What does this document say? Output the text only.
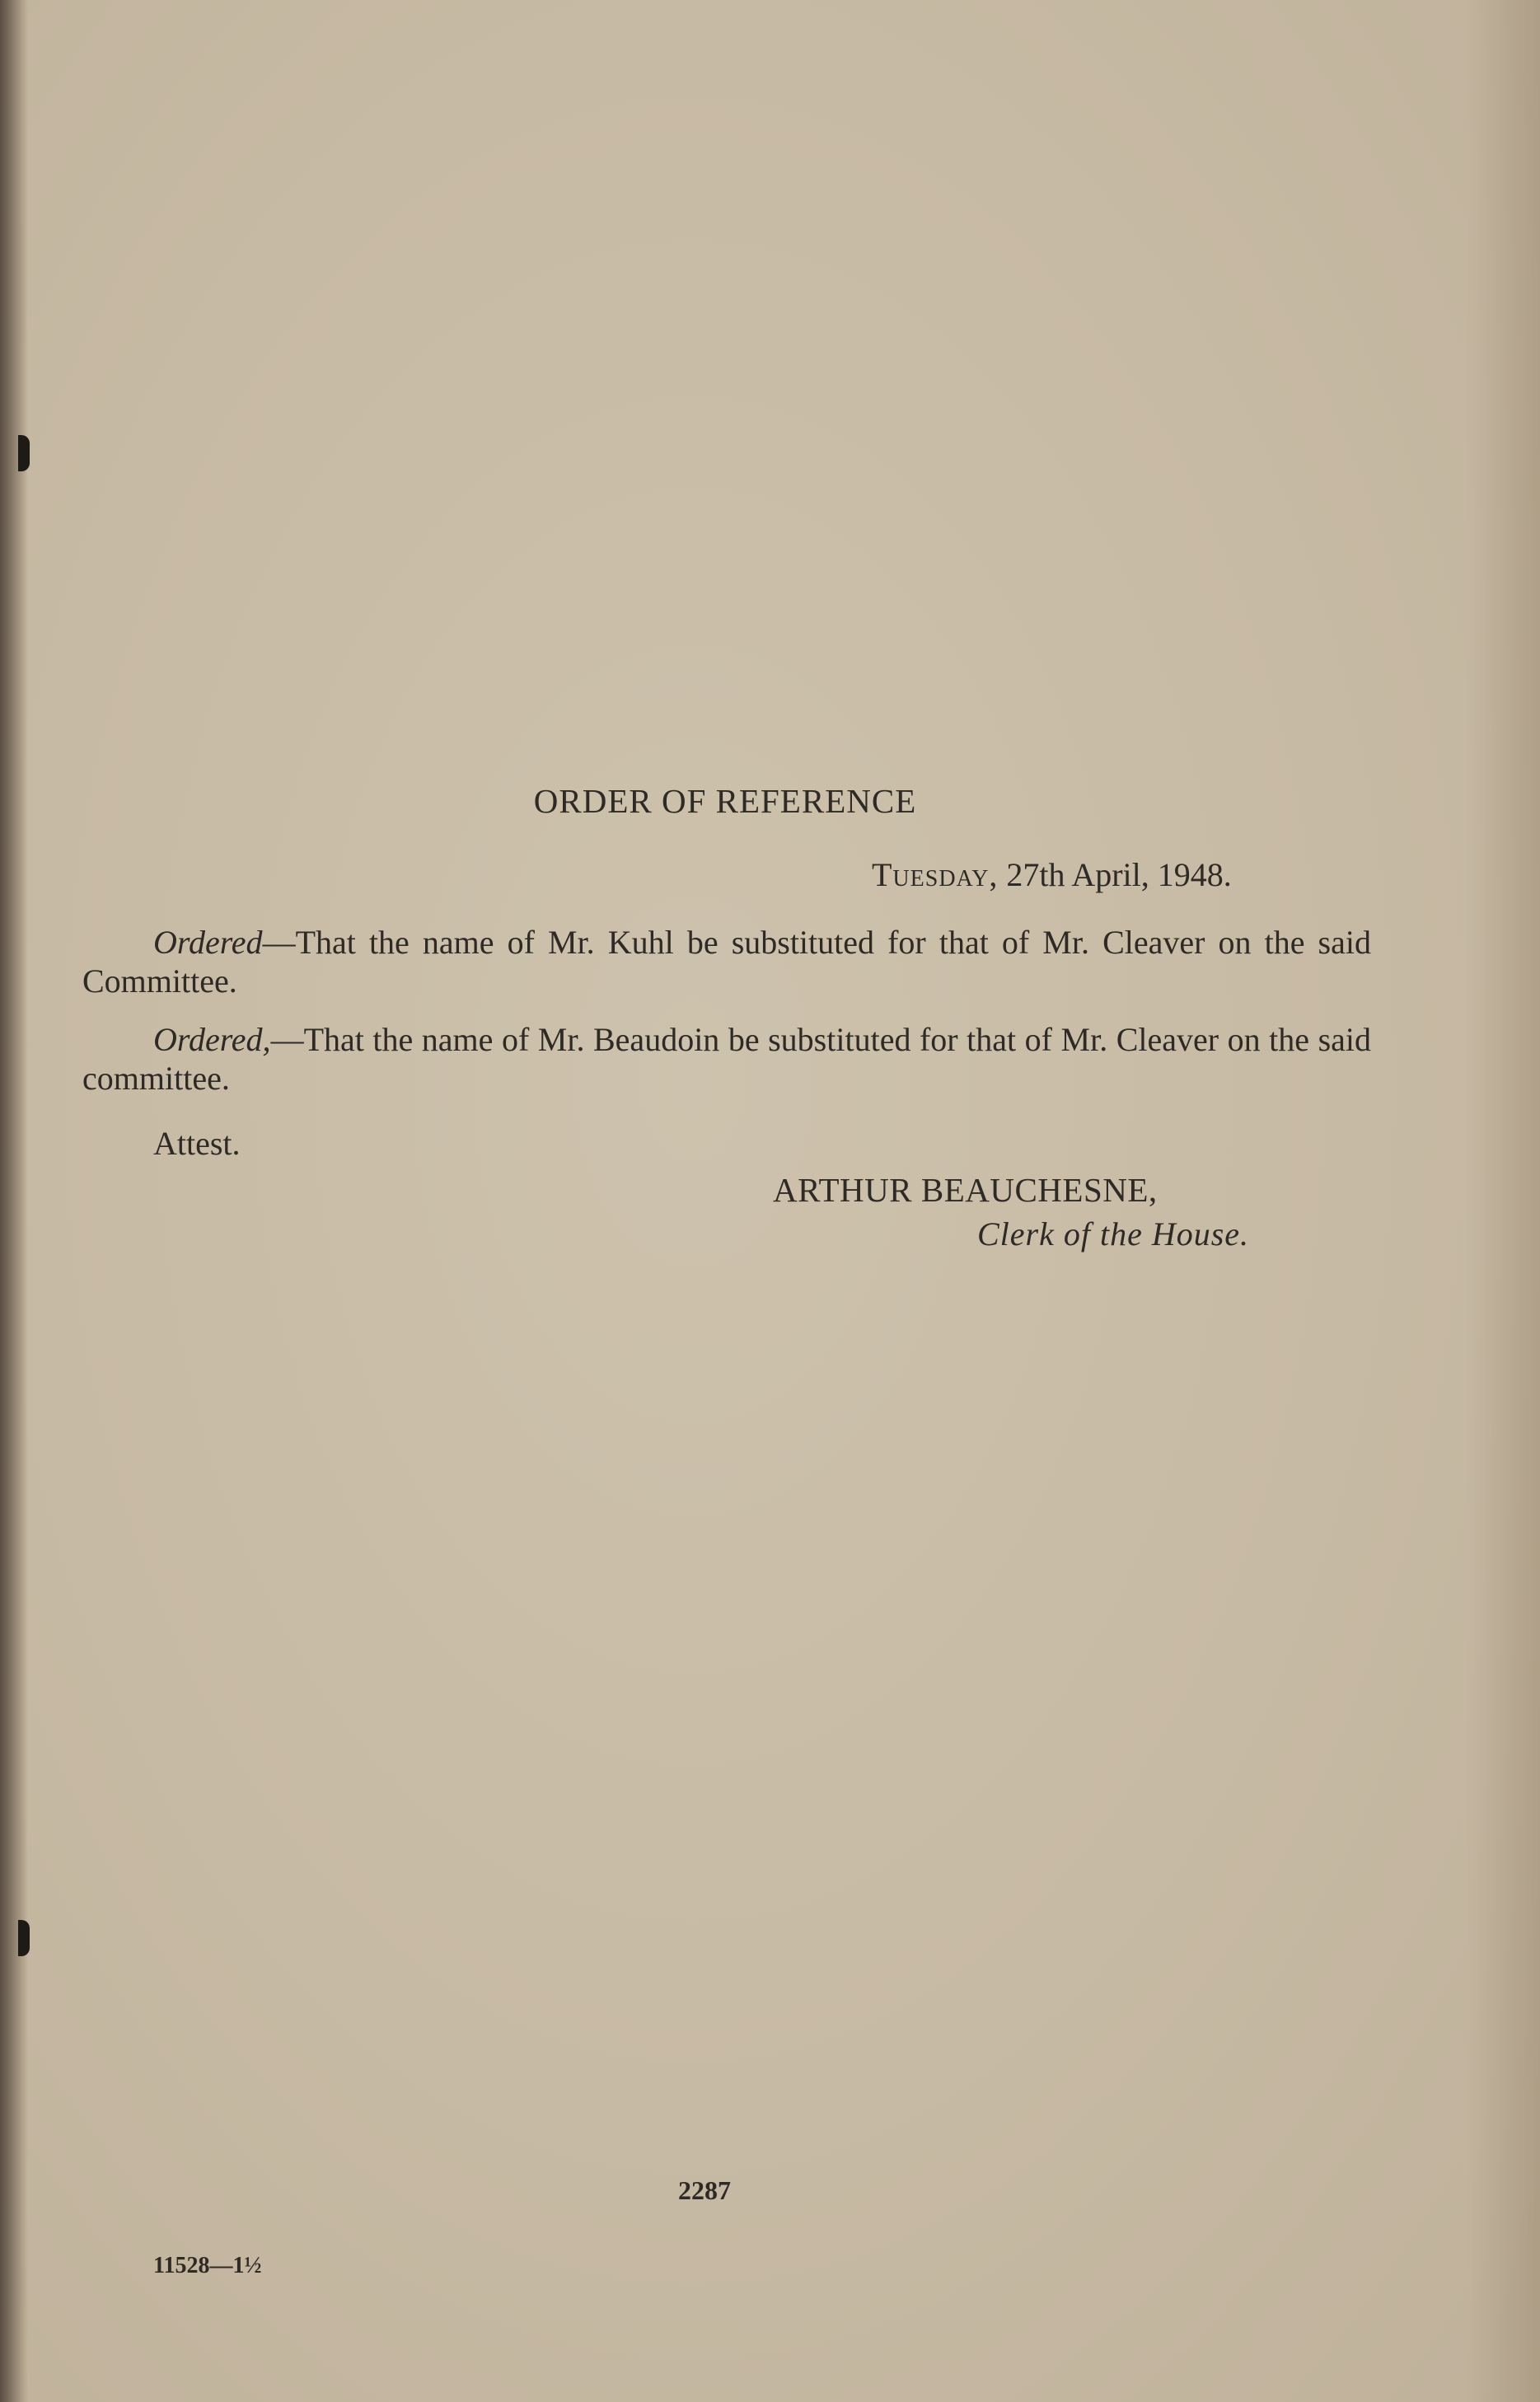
ORDER OF REFERENCE
Tuesday, 27th April, 1948.

Ordered—That the name of Mr. Kuhl be substituted for that of Mr. Cleaver on the said Committee.

Ordered,—That the name of Mr. Beaudoin be substituted for that of Mr. Cleaver on the said committee.

Attest.
ARTHUR BEAUCHESNE,
Clerk of the House.
2287
11528—1½
